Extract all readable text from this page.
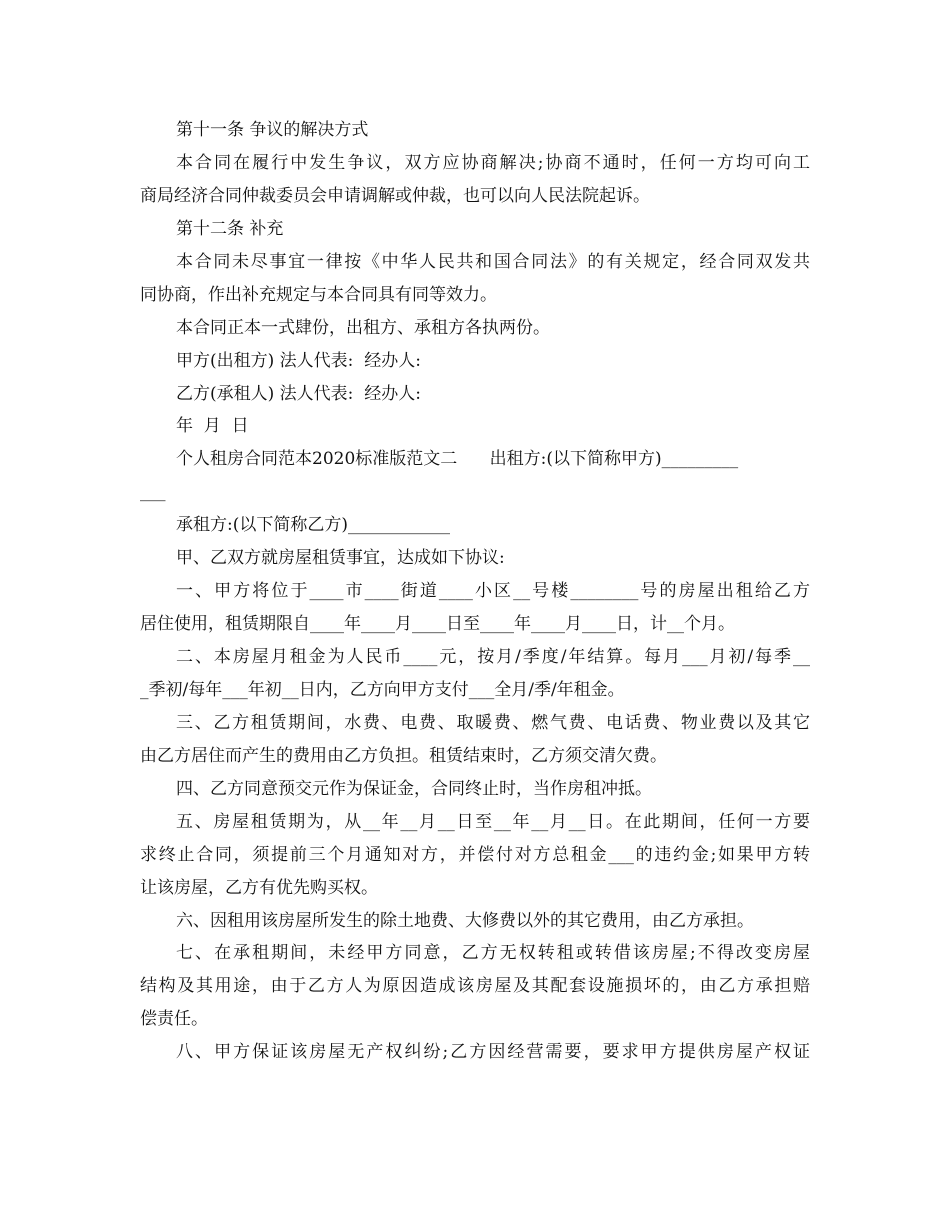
第十一条 争议的解决方式

本合同在履行中发生争议，双方应协商解决;协商不通时，任何一方均可向工

商局经济合同仲裁委员会申请调解或仲裁，也可以向人民法院起诉。

第十二条 补充

本合同未尽事宜一律按《中华人民共和国合同法》的有关规定，经合同双发共

同协商，作出补充规定与本合同具有同等效力。

本合同正本一式肆份，出租方、承租方各执两份。

甲方(出租方) 法人代表:  经办人:

乙方(承租人) 法人代表:  经办人:

年  月  日

个人租房合同范本2020标准版范文二      出租方:(以下简称甲方)_________

___

承租方:(以下简称乙方)____________

甲、乙双方就房屋租赁事宜，达成如下协议:

一、甲方将位于____市____街道____小区__号楼________号的房屋出租给乙方

居住使用，租赁期限自____年____月____日至____年____月____日，计__个月。

二、本房屋月租金为人民币____元，按月/季度/年结算。每月___月初/每季__

_季初/每年___年初__日内，乙方向甲方支付___全月/季/年租金。

三、乙方租赁期间，水费、电费、取暖费、燃气费、电话费、物业费以及其它

由乙方居住而产生的费用由乙方负担。租赁结束时，乙方须交清欠费。

四、乙方同意预交元作为保证金，合同终止时，当作房租冲抵。

五、房屋租赁期为，从__年__月__日至__年__月__日。在此期间，任何一方要

求终止合同，须提前三个月通知对方，并偿付对方总租金___的违约金;如果甲方转

让该房屋，乙方有优先购买权。

六、因租用该房屋所发生的除土地费、大修费以外的其它费用，由乙方承担。

七、在承租期间，未经甲方同意，乙方无权转租或转借该房屋;不得改变房屋

结构及其用途，由于乙方人为原因造成该房屋及其配套设施损坏的，由乙方承担赔

偿责任。

八、甲方保证该房屋无产权纠纷;乙方因经营需要，要求甲方提供房屋产权证
